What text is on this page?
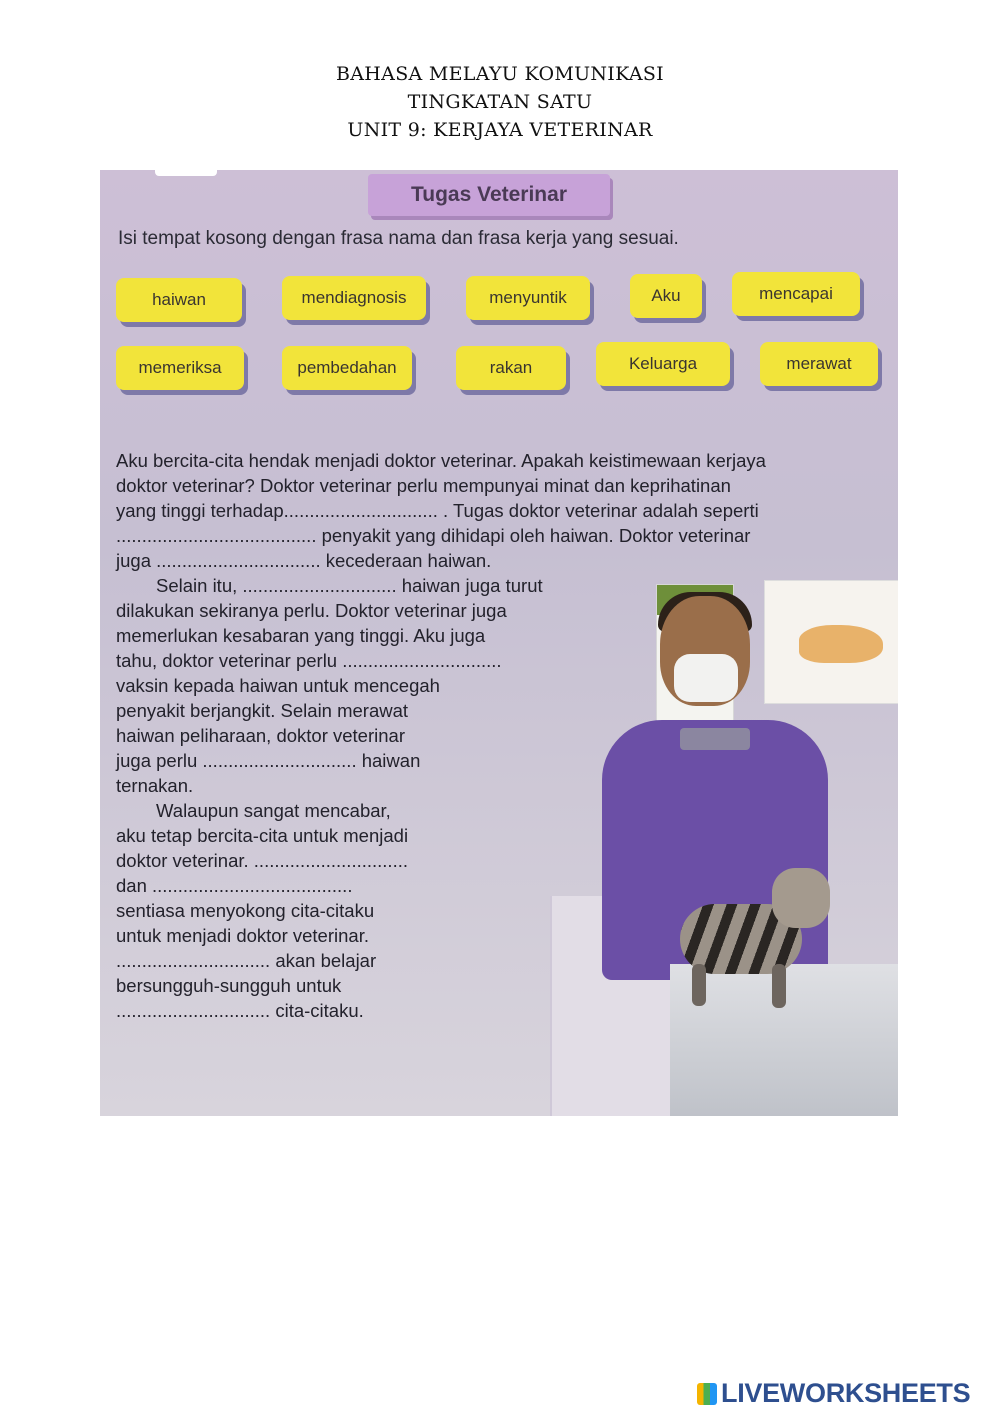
BAHASA MELAYU KOMUNIKASI
TINGKATAN SATU
UNIT 9: KERJAYA VETERINAR
Tugas Veterinar
Isi tempat kosong dengan frasa nama dan frasa kerja yang sesuai.
haiwan	mendiagnosis	menyuntik	Aku	mencapai
memeriksa	pembedahan	rakan	Keluarga	merawat

Aku bercita-cita hendak menjadi doktor veterinar. Apakah keistimewaan kerjaya

doktor veterinar? Doktor veterinar perlu mempunyai minat dan keprihatinan

yang tinggi terhadap.............................. . Tugas doktor veterinar adalah seperti

....................................... penyakit yang dihidapi oleh haiwan. Doktor veterinar

juga ................................ kecederaan haiwan.

Selain itu, .............................. haiwan juga turut

dilakukan sekiranya perlu. Doktor veterinar juga

memerlukan kesabaran yang tinggi. Aku juga

tahu, doktor veterinar perlu ...............................

vaksin kepada haiwan untuk mencegah

penyakit berjangkit. Selain merawat

haiwan peliharaan, doktor veterinar

juga perlu .............................. haiwan

ternakan.

Walaupun sangat mencabar,

aku tetap bercita-cita untuk menjadi

doktor veterinar. ..............................

dan .......................................

sentiasa menyokong cita-citaku

untuk menjadi doktor veterinar.

.............................. akan belajar

bersungguh-sungguh untuk

.............................. cita-citaku.

LIVEWORKSHEETS
